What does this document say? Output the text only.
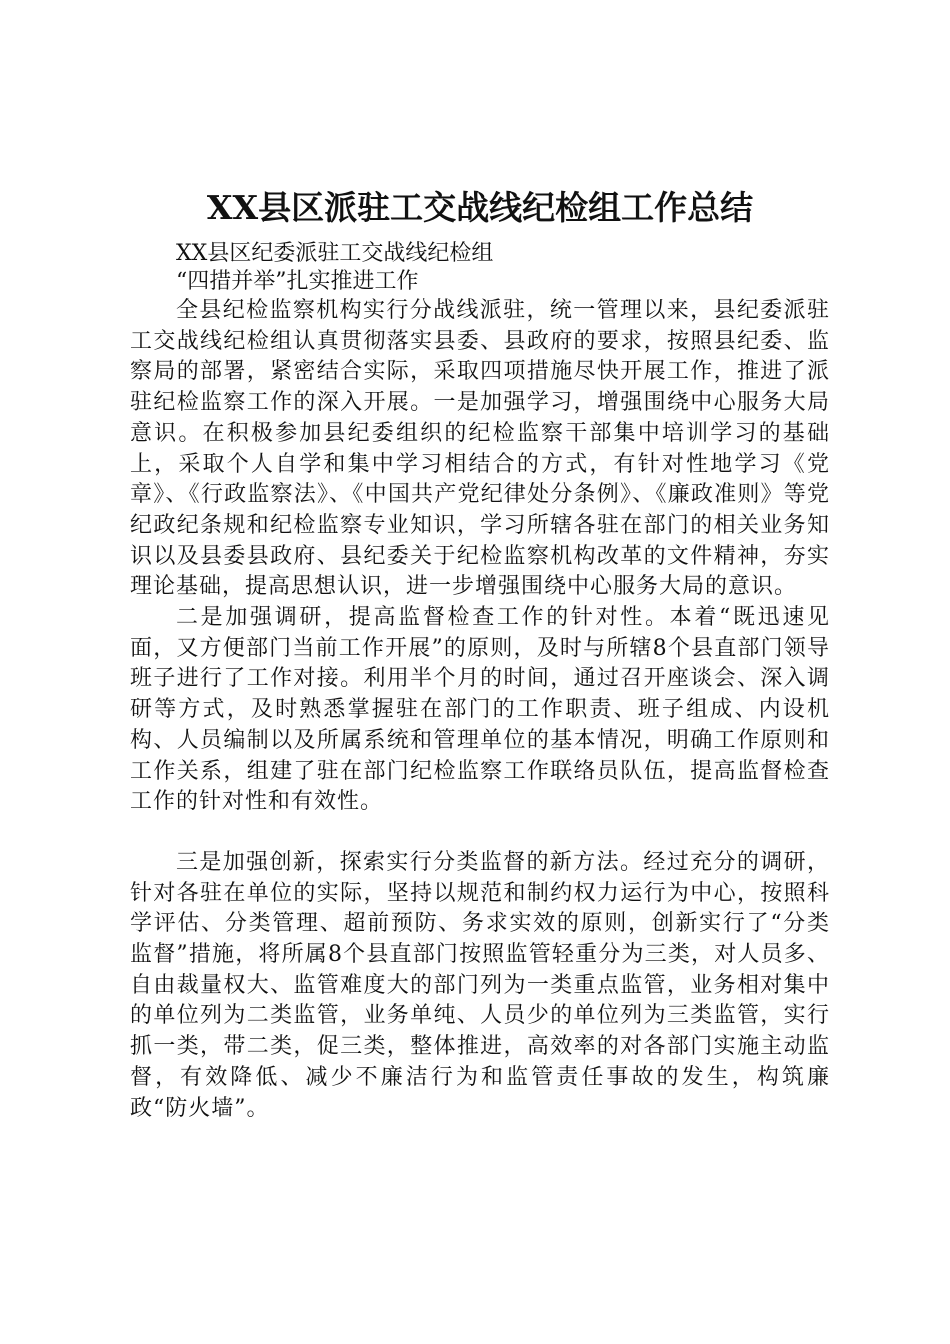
XX县区派驻工交战线纪检组工作总结

XX县区纪委派驻工交战线纪检组

“四措并举”扎实推进工作

全县纪检监察机构实行分战线派驻，统一管理以来，县纪委派驻工交战线纪检组认真贯彻落实县委、县政府的要求，按照县纪委、监察局的部署，紧密结合实际，采取四项措施尽快开展工作，推进了派驻纪检监察工作的深入开展。一是加强学习，增强围绕中心服务大局意识。在积极参加县纪委组织的纪检监察干部集中培训学习的基础上，采取个人自学和集中学习相结合的方式，有针对性地学习《党章》、《行政监察法》、《中国共产党纪律处分条例》、《廉政准则》等党纪政纪条规和纪检监察专业知识，学习所辖各驻在部门的相关业务知识以及县委县政府、县纪委关于纪检监察机构改革的文件精神，夯实理论基础，提高思想认识，进一步增强围绕中心服务大局的意识。

二是加强调研，提高监督检查工作的针对性。本着“既迅速见面，又方便部门当前工作开展”的原则，及时与所辖8个县直部门领导班子进行了工作对接。利用半个月的时间，通过召开座谈会、深入调研等方式，及时熟悉掌握驻在部门的工作职责、班子组成、内设机构、人员编制以及所属系统和管理单位的基本情况，明确工作原则和工作关系，组建了驻在部门纪检监察工作联络员队伍，提高监督检查工作的针对性和有效性。

三是加强创新，探索实行分类监督的新方法。经过充分的调研，针对各驻在单位的实际，坚持以规范和制约权力运行为中心，按照科学评估、分类管理、超前预防、务求实效的原则，创新实行了“分类监督”措施，将所属8个县直部门按照监管轻重分为三类，对人员多、自由裁量权大、监管难度大的部门列为一类重点监管，业务相对集中的单位列为二类监管，业务单纯、人员少的单位列为三类监管，实行抓一类，带二类，促三类，整体推进，高效率的对各部门实施主动监督，有效降低、减少不廉洁行为和监管责任事故的发生，构筑廉政“防火墙”。
